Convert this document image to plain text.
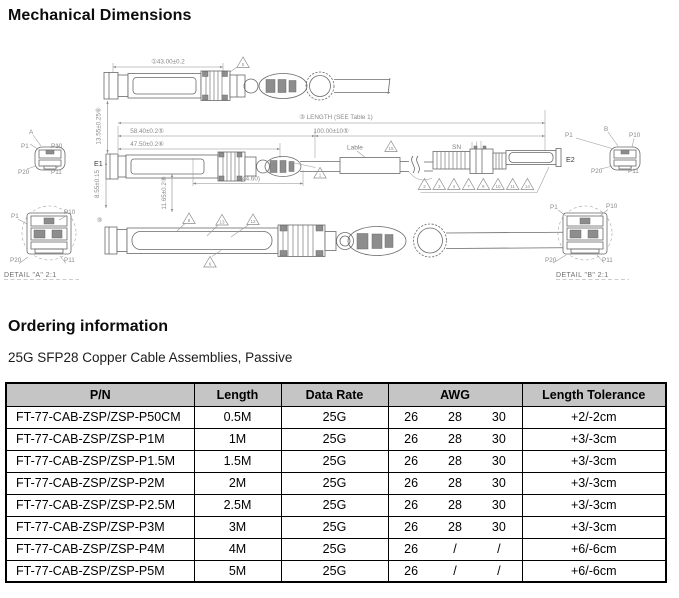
Mechanical Dimensions
①43.00±0.2	5
13.55±0.25⑥	③ LENGTH (SEE Table 1)
58.40±0.2⑤	100.00±10⑤
47.50±0.2⑥
E1
SN
E2
Lable	15
1
(44.60)
8.55±0.15
⑨
11.65±0.2⑧	2	3	4	7	9 10 11 14
A
P1	P10
P20	P11
B
P1	P10
P20	P11
8	13	12
6
P1
P10
P20	P11
DETAIL "A" 2:1
P1	P10
P20	P11
DETAIL "B" 2:1
Ordering information
25G SFP28 Copper Cable Assemblies, Passive
P/N	Length	Data Rate	AWG	Length Tolerance
FT-77-CAB-ZSP/ZSP-P50CM	0.5M	25G	26 28 30	+2/-2cm
FT-77-CAB-ZSP/ZSP-P1M	1M	25G	26 28 30	+3/-3cm
FT-77-CAB-ZSP/ZSP-P1.5M	1.5M	25G	26 28 30	+3/-3cm
FT-77-CAB-ZSP/ZSP-P2M	2M	25G	26 28 30	+3/-3cm
FT-77-CAB-ZSP/ZSP-P2.5M	2.5M	25G	26 28 30	+3/-3cm
FT-77-CAB-ZSP/ZSP-P3M	3M	25G	26 28 30	+3/-3cm
FT-77-CAB-ZSP/ZSP-P4M	4M	25G	26 / /	+6/-6cm
FT-77-CAB-ZSP/ZSP-P5M	5M	25G	26 / /	+6/-6cm
